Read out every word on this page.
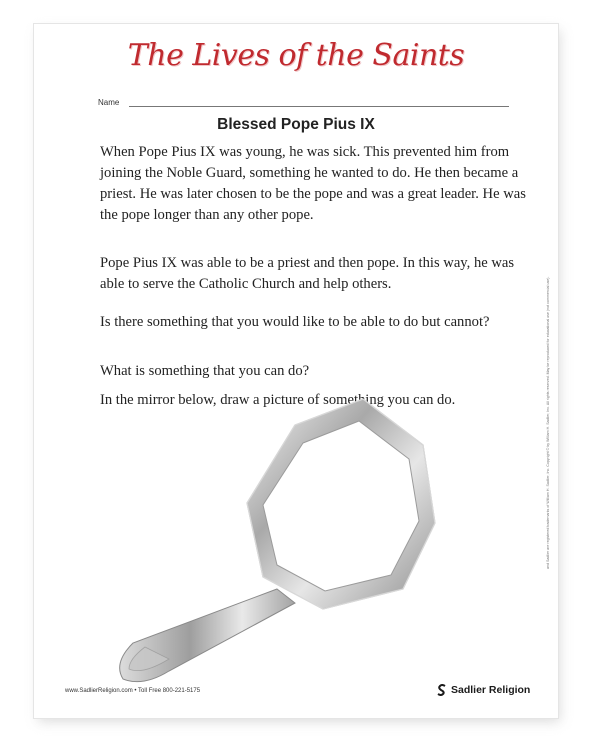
The Lives of the Saints
Name
Blessed Pope Pius IX

When Pope Pius IX was young, he was sick. This prevented him from joining the Noble Guard, something he wanted to do. He then became a priest. He was later chosen to be the pope and was a great leader. He was the pope longer than any other pope.

Pope Pius IX was able to be a priest and then pope. In this way, he was able to serve the Catholic Church and help others.

Is there something that you would like to be able to do but cannot?

What is something that you can do?

In the mirror below, draw a picture of something you can do.	and Sadlier are registered trademarks of William H. Sadlier, Inc. Copyright © by William H. Sadlier, Inc. All rights reserved. May be reproduced for educational use (not commercial use).
www.SadlierReligion.com • Toll Free 800-221-5175	Sadlier Religion
